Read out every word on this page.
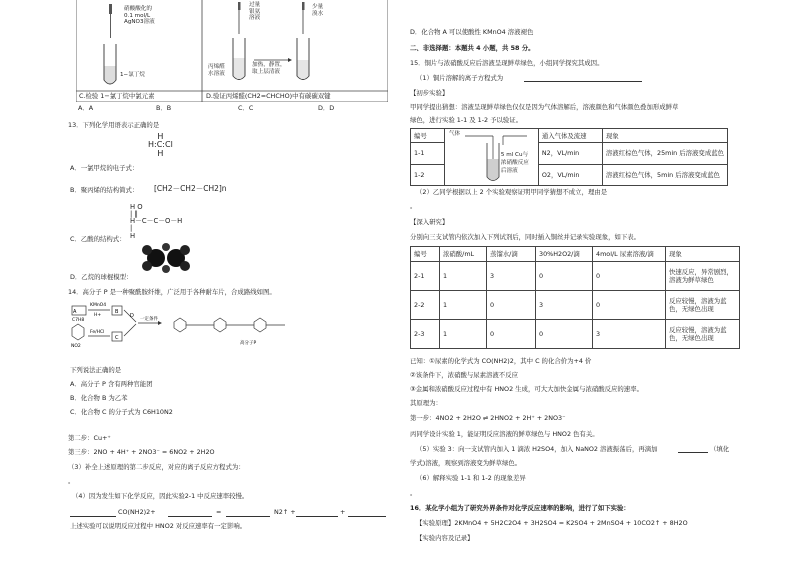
硝酸酸化的
0.1 mol/L
AgNO3溶液
1−氯丁烷
过量
银氨
溶液
少量
溴水
丙烯醛
水溶液
加热，静置，
取上层清液
C.检验 1−氯丁烷中氯元素	D.验证丙烯醛(CH2=CHCHO)中有碳碳双键
A．A	B．B	C．C	D．D
13．下列化学用语表示正确的是
H
H:C:Cl
H
A．一氯甲烷的电子式：
B．聚丙烯的结构简式： [CH2－CH2－CH2]n
H O
| ‖
H－C－C－O－H
|
H
C．乙酸的结构式：
D．乙烷的球棍模型：
14．高分子 P 是一种聚酰胺纤维，广泛用于各种耐车片，合成路线如图。
A
C7H8
KMnO4
H+
B
NO2
Fe/HCl
C
D
一定条件
高分子P
下列说法正确的是
A．高分子 P 含有两种官能团
B．化合物 B 为乙苯
C．化合物 C 的分子式为 C6H10N2
第二步：Cu+⁺
第三步：2NO + 4H⁺ + 2NO3⁻ = 6NO2 + 2H2O
（3）补全上述原理的第二步反应，对应的离子反应方程式为：
。
（4）因为发生如下化学反应，因此实验2-1 中反应速率较慢。
CO(NH2)2+	=	N2↑ +	+
上述实验可以说明反应过程中 HNO2 对反应速率有一定影响。
D．化合物 A 可以使酸性 KMnO4 溶液褪色
二、非选择题：本题共 4 小题，共 58 分。
15．铜片与浓硝酸反应后溶液呈现鲜草绿色，小组同学探究其成因。
（1）铜片溶解的离子方程式为
【初步实验】
甲同学提出猜想：溶液呈现鲜草绿色仅仅是因为气体溶解后，溶液颜色和气体颜色叠加形成鲜草
绿色，进行实验 1-1 及 1-2 予以验证。
编号	气体
5 ml Cu与
浓硝酸反应
后溶液	通入气体及流速	现象
1-1		N2，VL/min	溶液红棕色气体，25min 后溶液变成蓝色
1-2		O2，VL/min	溶液红棕色气体，5min 后溶液变成蓝色
（2）乙同学根据以上 2 个实验观察证明甲同学猜想不成立，理由是
。
【深入研究】
分别向三支试管内依次加入下列试剂后，同时插入铜丝并记录实验现象，如下表。
编号	浓硝酸/mL	蒸馏水/滴	30%H2O2/滴	4mol/L 尿素溶液/滴	现象
2-1	1	3	0	0	快速反应，异常剧烈，溶液为鲜草绿色
2-2	1	0	3	0	反应较慢，溶液为蓝色，无绿色出现
2-3	1	0	0	3	反应较慢，溶液为蓝色，无绿色出现
已知：①尿素的化学式为 CO(NH2)2，其中 C 的化合价为+4 价
②该条件下，浓硝酸与尿素溶液不反应
③金属和浓硝酸反应过程中有 HNO2 生成，可大大加快金属与浓硝酸反应的速率。
其原理为：
第一步：4NO2 + 2H2O ⇌ 2HNO2 + 2H⁺ + 2NO3⁻
丙同学设计实验 1，能证明反应溶液的鲜草绿色与 HNO2 色有关。
（5）实验 3：向一支试管内加入 1 滴浓 H2SO4，加入 NaNO2 溶液振荡后，再滴加	（填化
学式)溶液，观察到溶液变为鲜草绿色。
（6）解释实验 1-1 和 1-2 的现象差异
。
16．某化学小组为了研究外界条件对化学反应速率的影响，进行了如下实验：
【实验原理】2KMnO4 + 5H2C2O4 + 3H2SO4 = K2SO4 + 2MnSO4 + 10CO2↑ + 8H2O
【实验内容及记录】
